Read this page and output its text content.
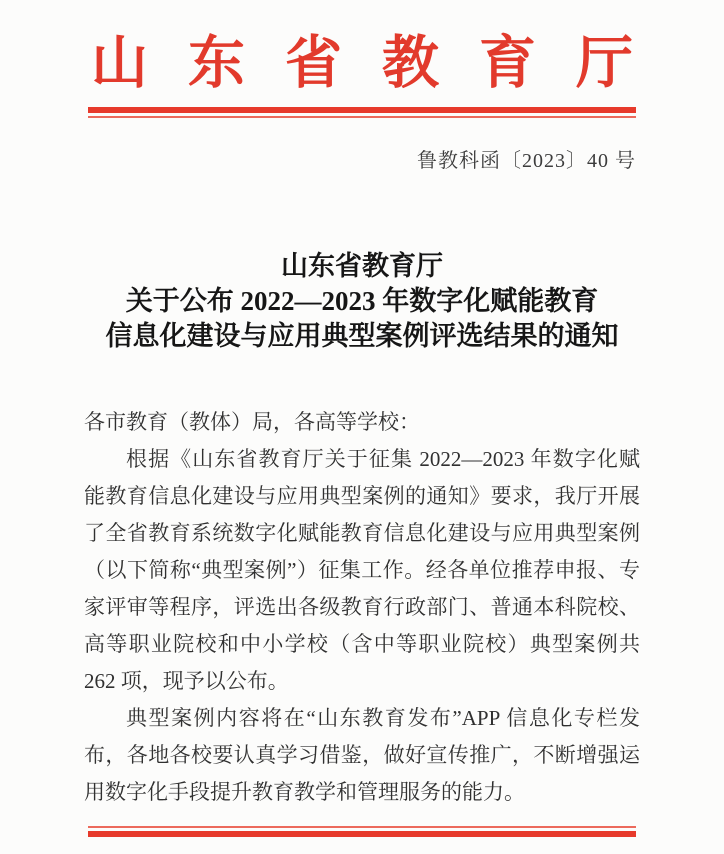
山东省教育厅
鲁教科函〔2023〕40 号
山东省教育厅
关于公布 2022—2023 年数字化赋能教育
信息化建设与应用典型案例评选结果的通知

各市教育（教体）局，各高等学校：

根据《山东省教育厅关于征集 2022—2023 年数字化赋能教育信息化建设与应用典型案例的通知》要求，我厅开展了全省教育系统数字化赋能教育信息化建设与应用典型案例（以下简称“典型案例”）征集工作。经各单位推荐申报、专家评审等程序，评选出各级教育行政部门、普通本科院校、高等职业院校和中小学校（含中等职业院校）典型案例共 262 项，现予以公布。

典型案例内容将在“山东教育发布”APP 信息化专栏发布，各地各校要认真学习借鉴，做好宣传推广，不断增强运用数字化手段提升教育教学和管理服务的能力。
